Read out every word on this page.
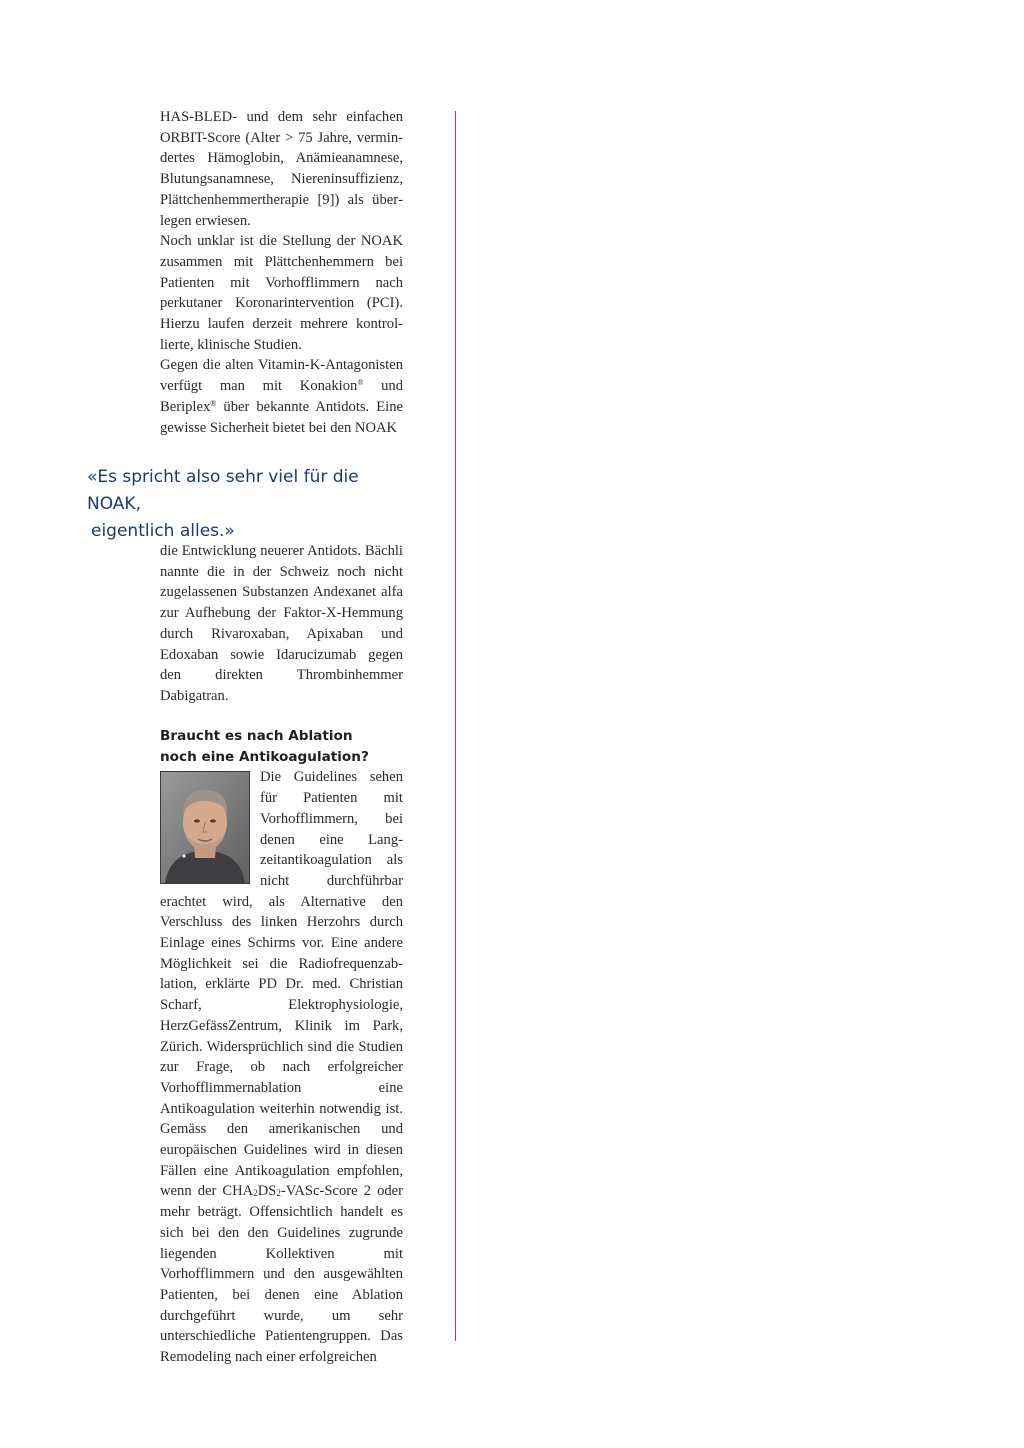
HAS-BLED- und dem sehr einfachen ORBIT-Score (Alter > 75 Jahre, vermindertes Hämoglobin, Anämieanamnese, Blutungsanamnese, Niereninsuffizienz, Plättchenhemmertherapie [9]) als überlegen erwiesen.

Noch unklar ist die Stellung der NOAK zusammen mit Plättchenhemmern bei Patienten mit Vorhofflimmern nach perkutaner Koronarintervention (PCI). Hierzu laufen derzeit mehrere kontrollierte, klinische Studien.

Gegen die alten Vitamin-K-Antagonisten verfügt man mit Konakion® und Beriplex® über bekannte Antidots. Eine gewisse Sicherheit bietet bei den NOAK

«Es spricht also sehr viel für die NOAK,
eigentlich alles.»

die Entwicklung neuerer Antidots. Bächli nannte die in der Schweiz noch nicht zugelassenen Substanzen Andexanet alfa zur Aufhebung der Faktor-X-Hemmung durch Rivaroxaban, Apixaban und Edoxaban sowie Idarucizumab gegen den direkten Thrombinhemmer Dabigatran.

Braucht es nach Ablation
noch eine Antikoagulation?

Die Guidelines sehen für Patienten mit Vorhofflimmern, bei denen eine Langzeitantikoagulation als nicht durchführbar erachtet wird, als Alternative den Verschluss des linken Herzohrs durch Einlage eines Schirms vor. Eine andere Möglichkeit sei die Radiofrequenzablation, erklärte PD Dr. med. Christian Scharf, Elektrophysiologie, HerzGefässZentrum, Klinik im Park, Zürich. Widersprüchlich sind die Studien zur Frage, ob nach erfolgreicher Vorhofflimmernablation eine Antikoagulation weiterhin notwendig ist. Gemäss den amerikanischen und europäischen Guidelines wird in diesen Fällen eine Antikoagulation empfohlen, wenn der $CHA_2DS_2-VASc$-Score 2 oder mehr beträgt. Offensichtlich handelt es sich bei den den Guidelines zugrunde liegenden Kollektiven mit Vorhofflimmern und den ausgewählten Patienten, bei denen eine Ablation durchgeführt wurde, um sehr unterschiedliche Patientengruppen. Das Remodeling nach einer erfolgreichen
